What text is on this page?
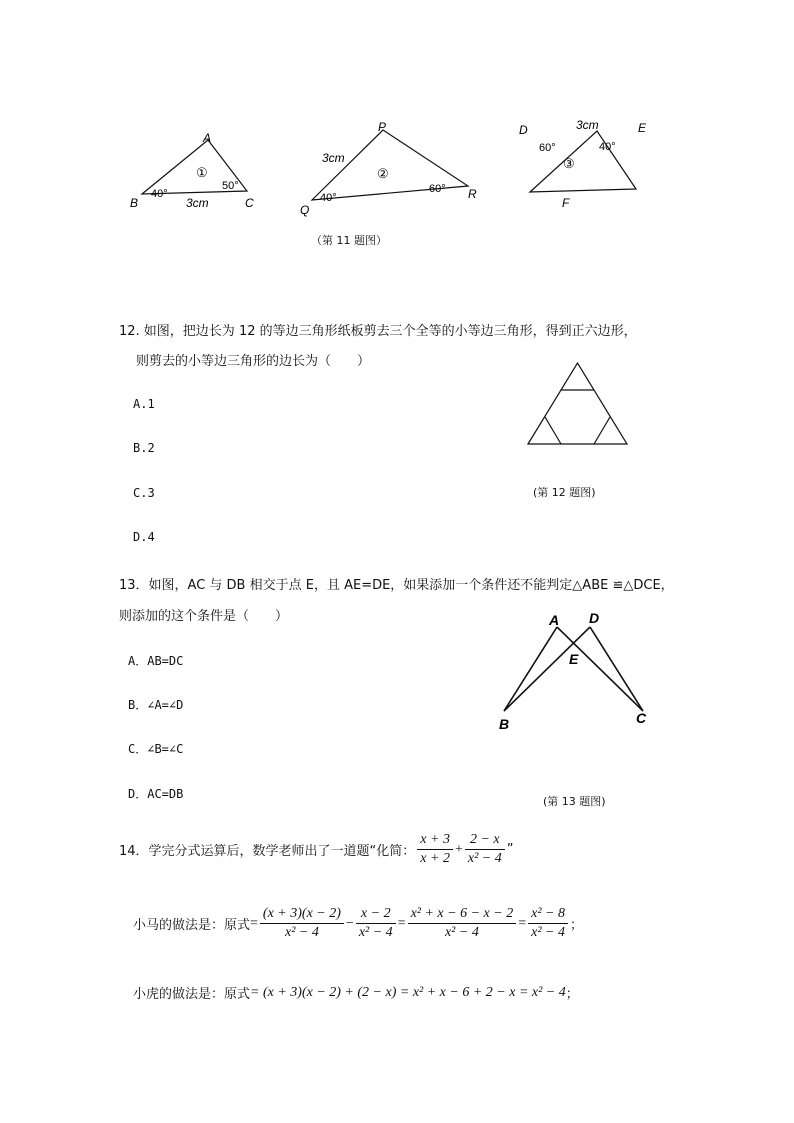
A
B	C
①
40°
50°
3cm
P
Q
R
②
40°
60°
3cm
D	E
F
③
60°	40°
3cm
（第 11 题图）
12. 如图，把边长为 12 的等边三角形纸板剪去三个全等的小等边三角形，得到正六边形，
则剪去的小等边三角形的边长为（　　）
A.1
B.2
C.3
D.4
(第 12 题图)
13．如图，AC 与 DB 相交于点 E，且 AE=DE，如果添加一个条件还不能判定△ABE ≌△DCE，
则添加的这个条件是（　　）
A．AB=DC
B．∠A=∠D
C．∠B=∠C
D．AC=DB
A D
E
B	C
(第 13 题图)
14．学完分式运算后，数学老师出了一道题“化简： $\frac{x + 3}{x + 2} + \frac{2 - x}{\text{x² − 4}}$ ”
小马的做法是：原式 = $\frac{(x + 3)(x - 2)}{\text{x² − 4}} - \frac{x - 2}{\text{x² − 4}} = \frac{\text{x² + x − 6 − x − 2}}{\text{x² − 4}} = \frac{\text{x² − 8}}{\text{x² − 4}}$ ；
小虎的做法是：原式 = (x + 3)(x − 2) + (2 − x) = x² + x − 6 + 2 − x = x² − 4 ；
